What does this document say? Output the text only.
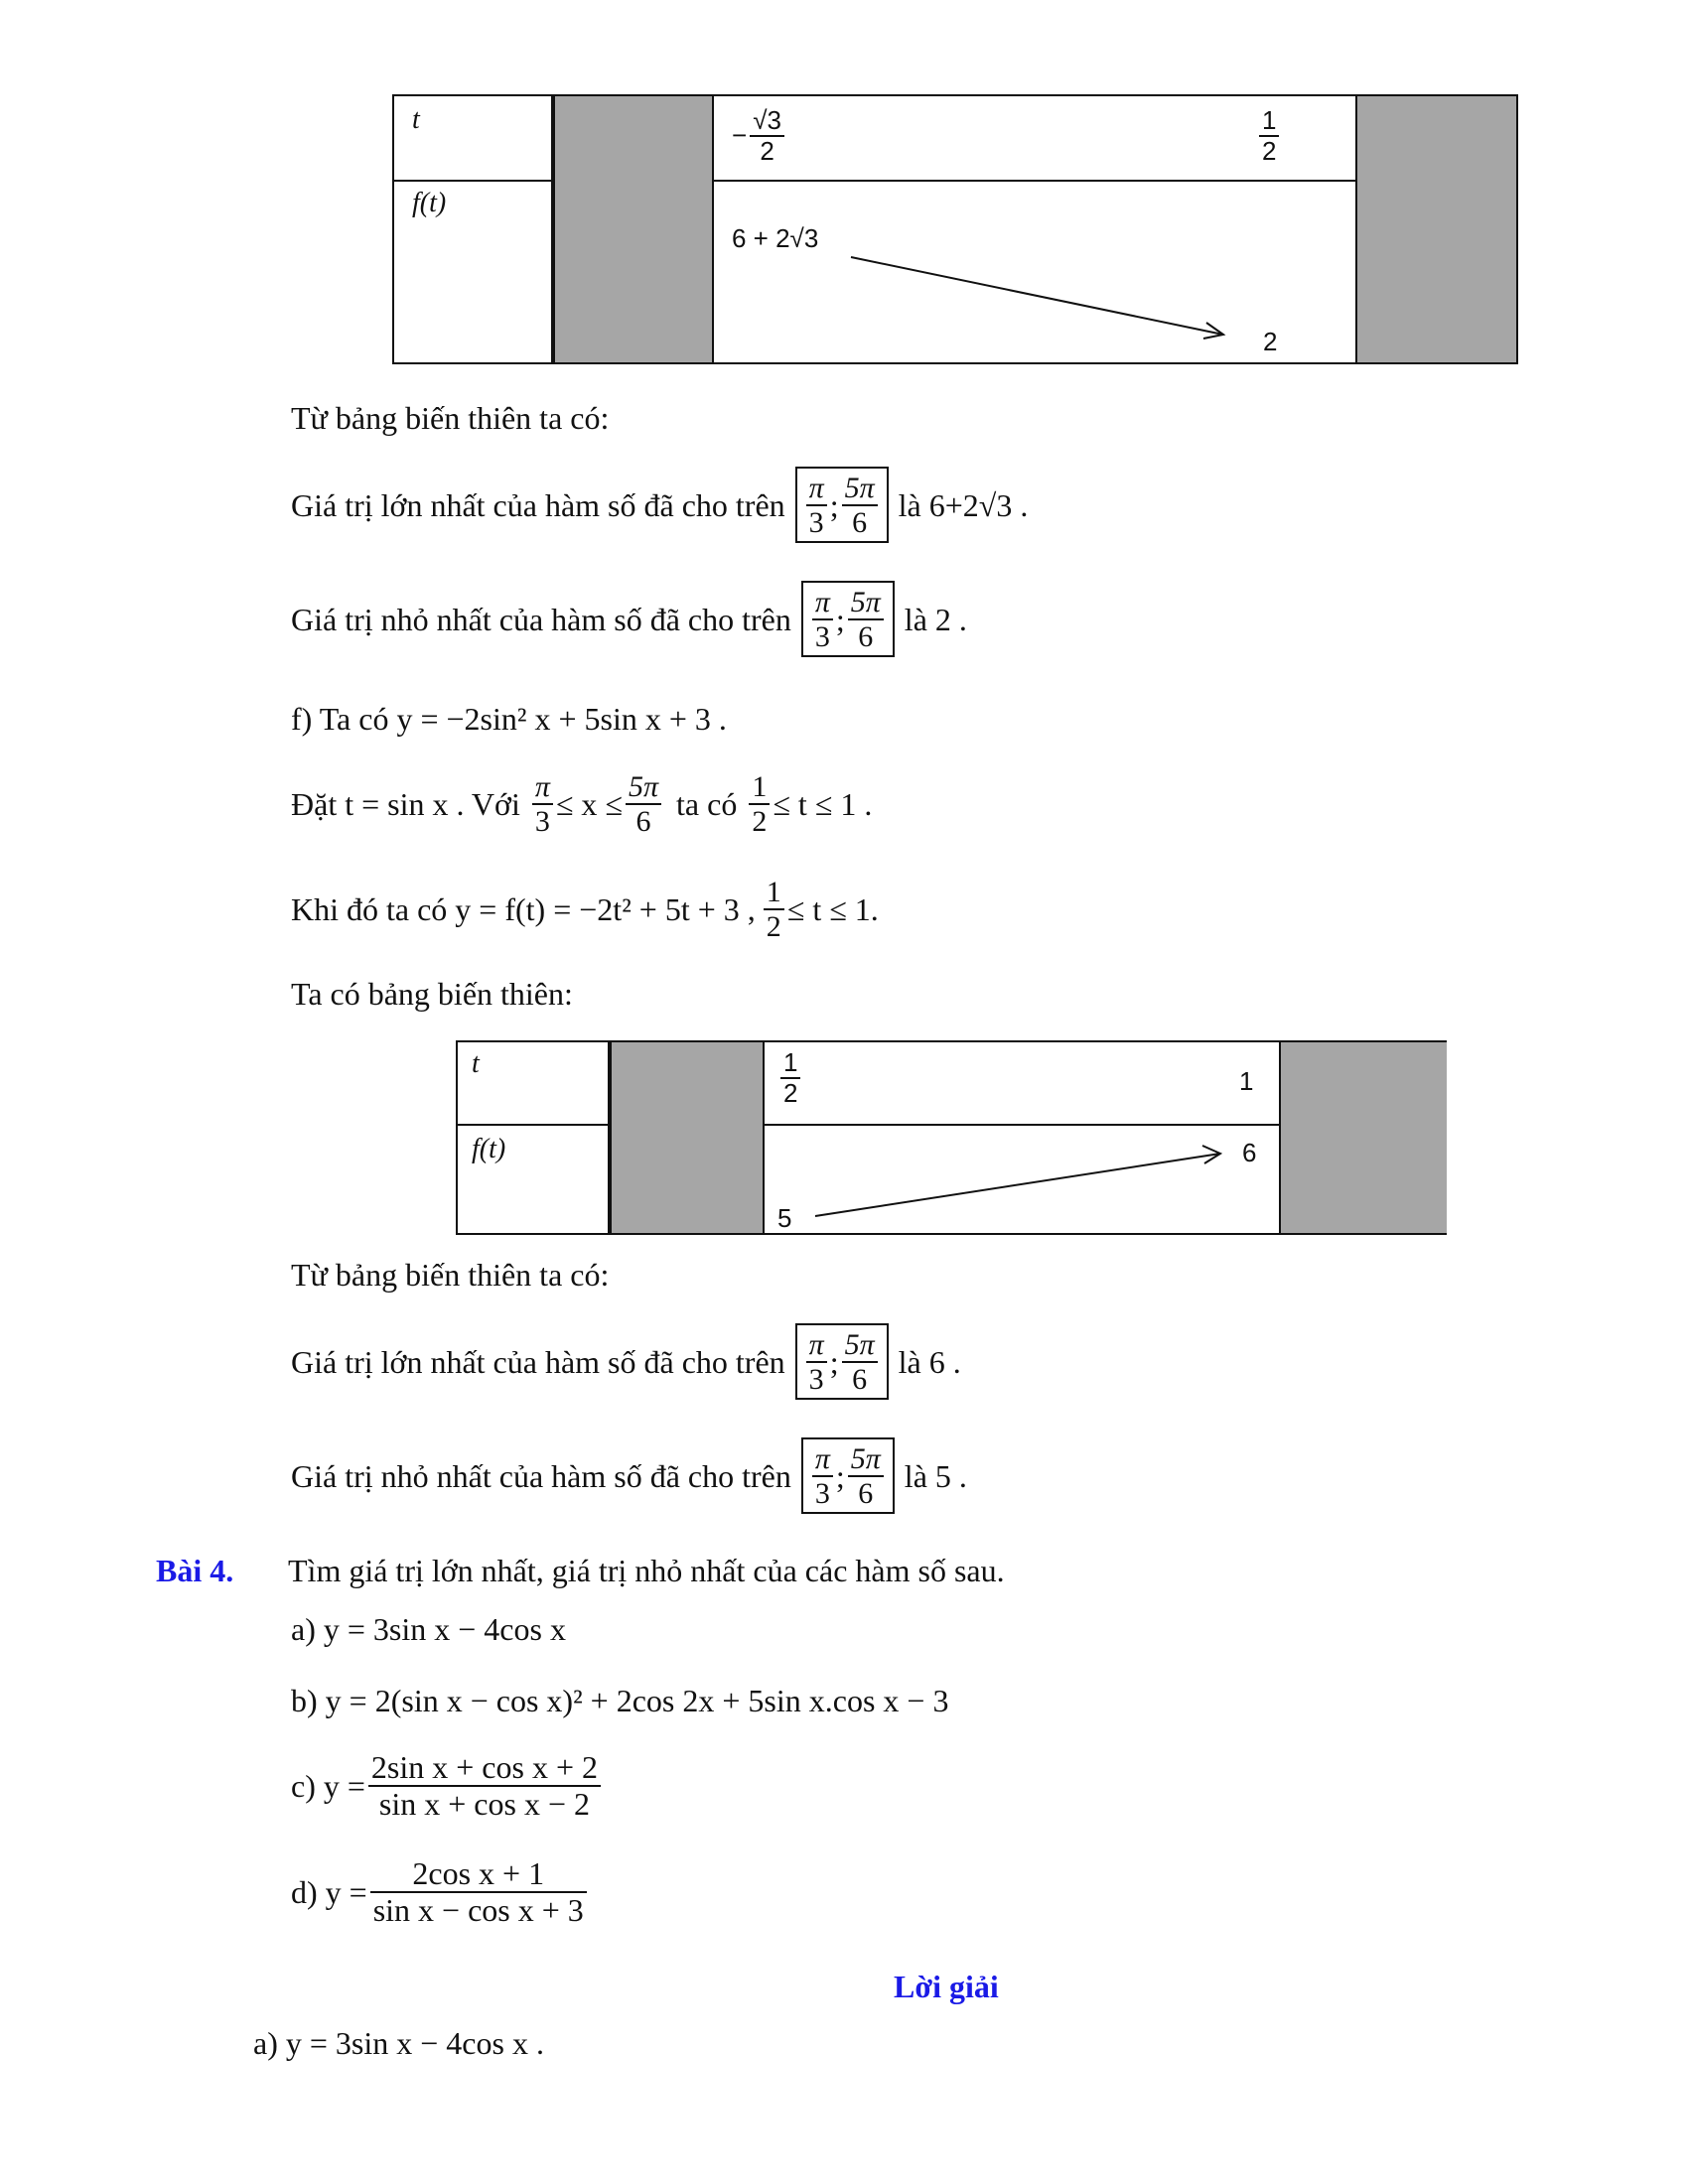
t
f(t)
− $\frac{√3}{2}$	$\frac{1}{2}$
6 + 2√3
2
Từ bảng biến thiên ta có:
Giá trị lớn nhất của hàm số đã cho trên $\frac{\pi}{3}$ ; $\frac{5\pi}{6}$ là 6+2√3 .
Giá trị nhỏ nhất của hàm số đã cho trên $\frac{\pi}{3}$ ; $\frac{5\pi}{6}$ là 2 .
f) Ta có y = −2sin² x + 5sin x + 3 .
Đặt t = sin x . Với $\frac{\pi}{3} \le x \le \frac{5\pi}{6}$ ta có $\frac{1}{2} \le t \le 1$ .
Khi đó ta có y = f(t) = −2t² + 5t + 3 , $\frac{1}{2} \le t \le 1$.
Ta có bảng biến thiên:
t
f(t)
$\frac{1}{2}$	1
5
6
Từ bảng biến thiên ta có:
Giá trị lớn nhất của hàm số đã cho trên $\frac{\pi}{3}$ ; $\frac{5\pi}{6}$ là 6 .
Giá trị nhỏ nhất của hàm số đã cho trên $\frac{\pi}{3}$ ; $\frac{5\pi}{6}$ là 5 .
Bài 4. Tìm giá trị lớn nhất, giá trị nhỏ nhất của các hàm số sau.
a) y = 3sin x − 4cos x
b) y = 2(sin x − cos x)² + 2cos 2x + 5sin x.cos x − 3
c) $y = \frac{\text{2sin x + cos x + 2}}{\text{sin x + cos x − 2}}$
d) $y = \frac{\text{2cos x + 1}}{\text{sin x − cos x + 3}}$
Lời giải
a) y = 3sin x − 4cos x .
